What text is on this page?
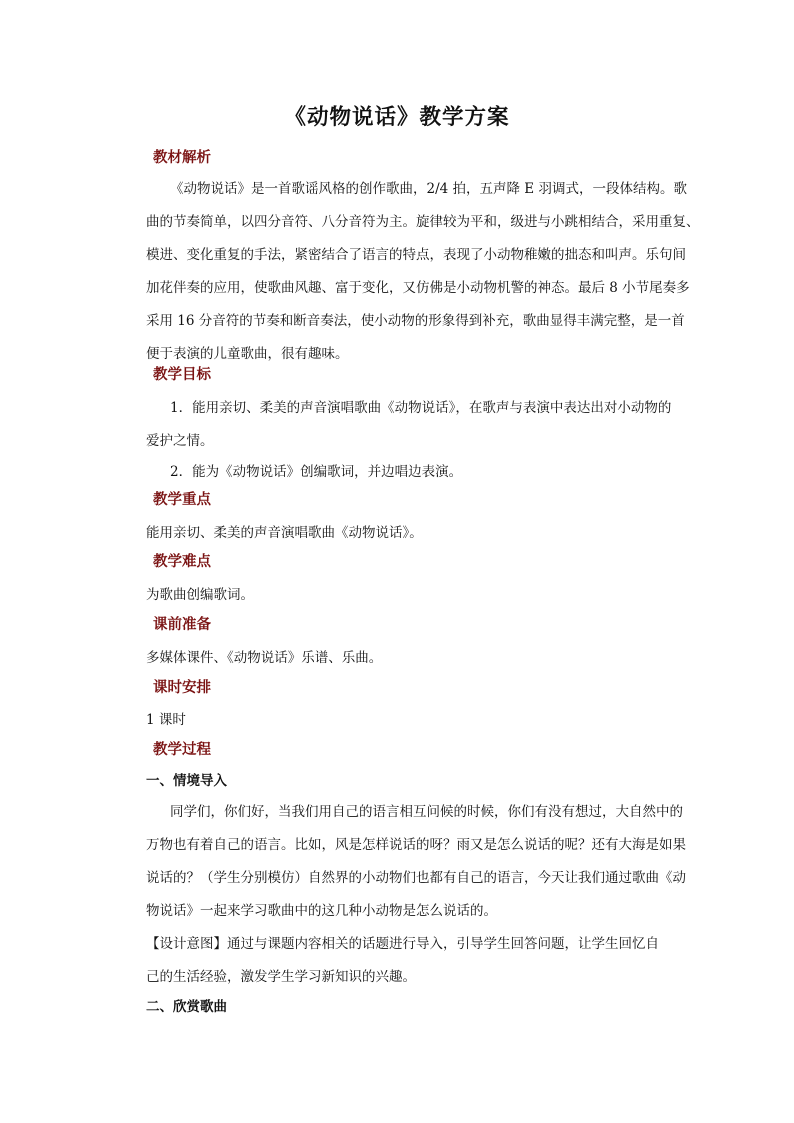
《动物说话》教学方案
教材解析

《动物说话》是一首歌谣风格的创作歌曲，2/4 拍，五声降 E 羽调式，一段体结构。歌

曲的节奏简单，以四分音符、八分音符为主。旋律较为平和，级进与小跳相结合，采用重复、

模进、变化重复的手法，紧密结合了语言的特点，表现了小动物稚嫩的拙态和叫声。乐句间

加花伴奏的应用，使歌曲风趣、富于变化，又仿佛是小动物机警的神态。最后 8 小节尾奏多

采用 16 分音符的节奏和断音奏法，使小动物的形象得到补充，歌曲显得丰满完整，是一首

便于表演的儿童歌曲，很有趣味。

教学目标

1．能用亲切、柔美的声音演唱歌曲《动物说话》，在歌声与表演中表达出对小动物的

爱护之情。

2．能为《动物说话》创编歌词，并边唱边表演。

教学重点

能用亲切、柔美的声音演唱歌曲《动物说话》。

教学难点

为歌曲创编歌词。

课前准备

多媒体课件、《动物说话》乐谱、乐曲。

课时安排

1 课时

教学过程
一、情境导入

同学们，你们好，当我们用自己的语言相互问候的时候，你们有没有想过，大自然中的

万物也有着自己的语言。比如，风是怎样说话的呀？雨又是怎么说话的呢？还有大海是如果

说话的？（学生分别模仿）自然界的小动物们也都有自己的语言，今天让我们通过歌曲《动

物说话》一起来学习歌曲中的这几种小动物是怎么说话的。

【设计意图】通过与课题内容相关的话题进行导入，引导学生回答问题，让学生回忆自

己的生活经验，激发学生学习新知识的兴趣。

二、欣赏歌曲
